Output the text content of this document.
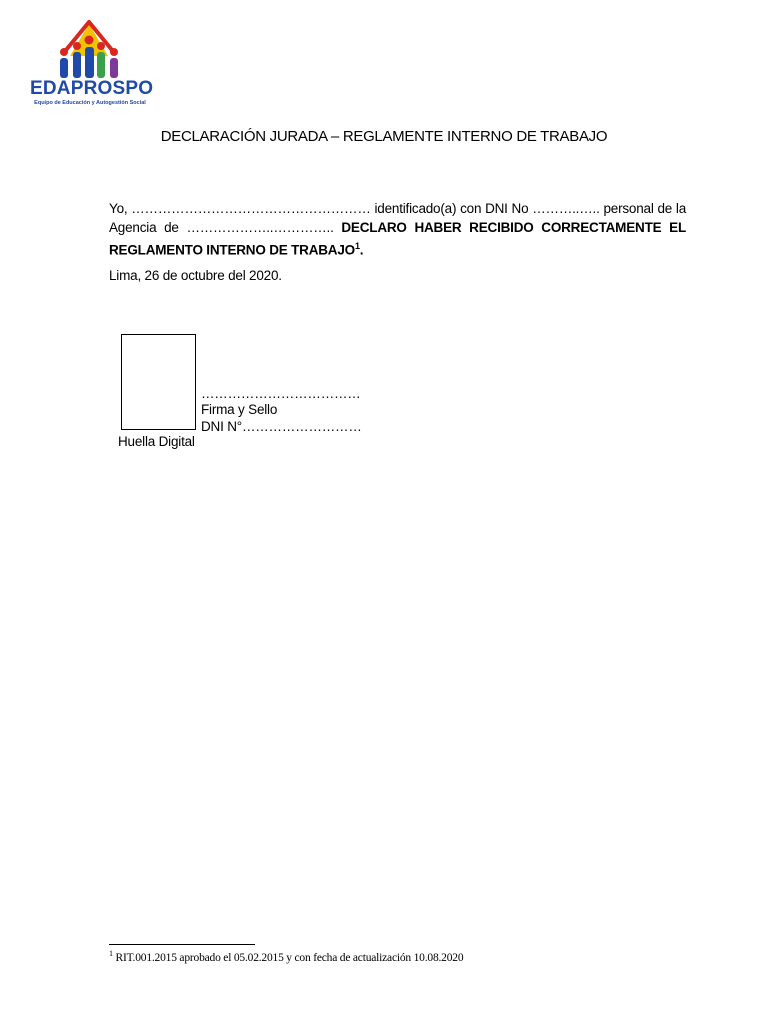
EDAPROSPO
Equipo de Educación y Autogestión Social
DECLARACIÓN JURADA – REGLAMENTE INTERNO DE TRABAJO
Yo, ……………………………………………… identificado(a) con DNI No ………..….. personal de la Agencia de ………………..………….. DECLARO HABER RECIBIDO CORRECTAMENTE EL REGLAMENTO INTERNO DE TRABAJO$^1$.
Lima, 26 de octubre del 2020.
Huella Digital
………………………………
Firma y Sello
DNI N°………………………
$^1$ RIT.001.2015 aprobado el 05.02.2015 y con fecha de actualización 10.08.2020
